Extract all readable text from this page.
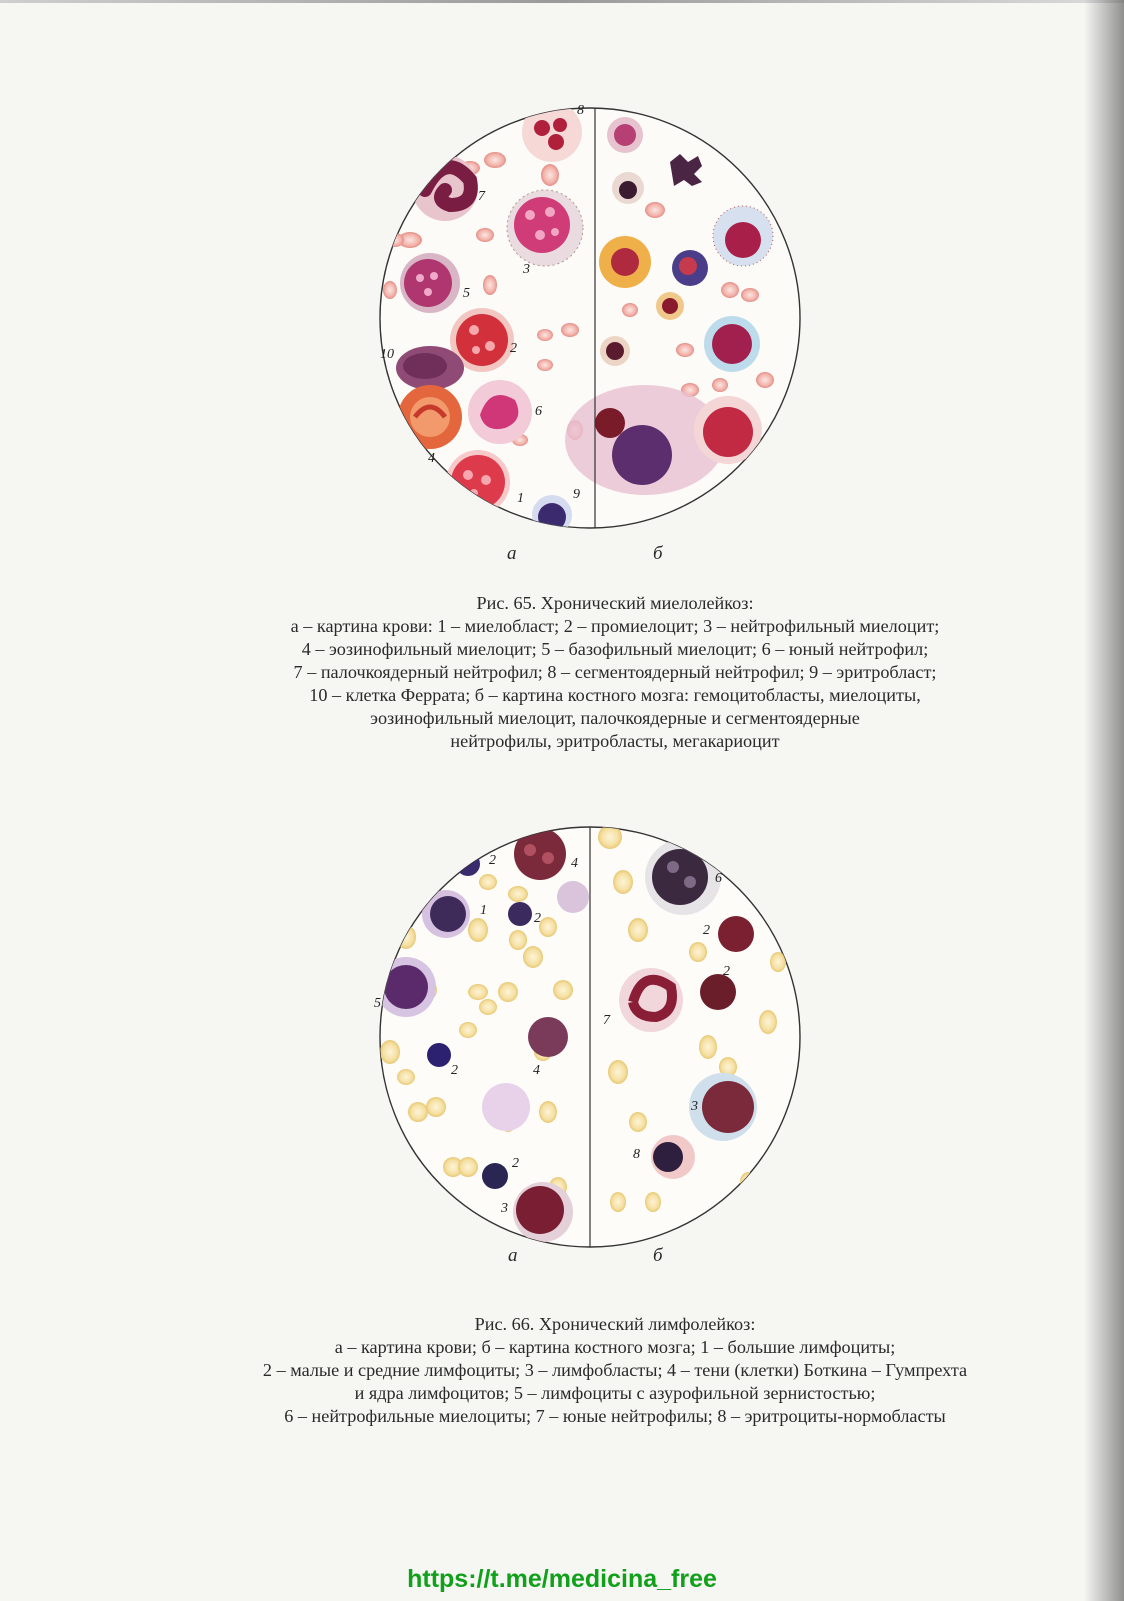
1
2
3
4
5
6
7
8
9
10
а	б
Рис. 65. Хронический миелолейкоз:
а – картина крови: 1 – миелобласт; 2 – промиелоцит; 3 – нейтрофильный миелоцит;
4 – эозинофильный миелоцит; 5 – базофильный миелоцит; 6 – юный нейтрофил;
7 – палочкоядерный нейтрофил; 8 – сегментоядерный нейтрофил; 9 – эритробласт;
10 – клетка Феррата; б – картина костного мозга: гемоцитобласты, миелоциты,
эозинофильный миелоцит, палочкоядерные и сегментоядерные
нейтрофилы, эритробласты, мегакариоцит
1
2
2
2
2
2
2
3
3
4
4
5
6
7
8
а	б
Рис. 66. Хронический лимфолейкоз:
а – картина крови; б – картина костного мозга; 1 – большие лимфоциты;
2 – малые и средние лимфоциты; 3 – лимфобласты; 4 – тени (клетки) Боткина – Гумпрехта
и ядра лимфоцитов; 5 – лимфоциты с азурофильной зернистостью;
6 – нейтрофильные миелоциты; 7 – юные нейтрофилы; 8 – эритроциты-нормобласты
https://t.me/medicina_free
